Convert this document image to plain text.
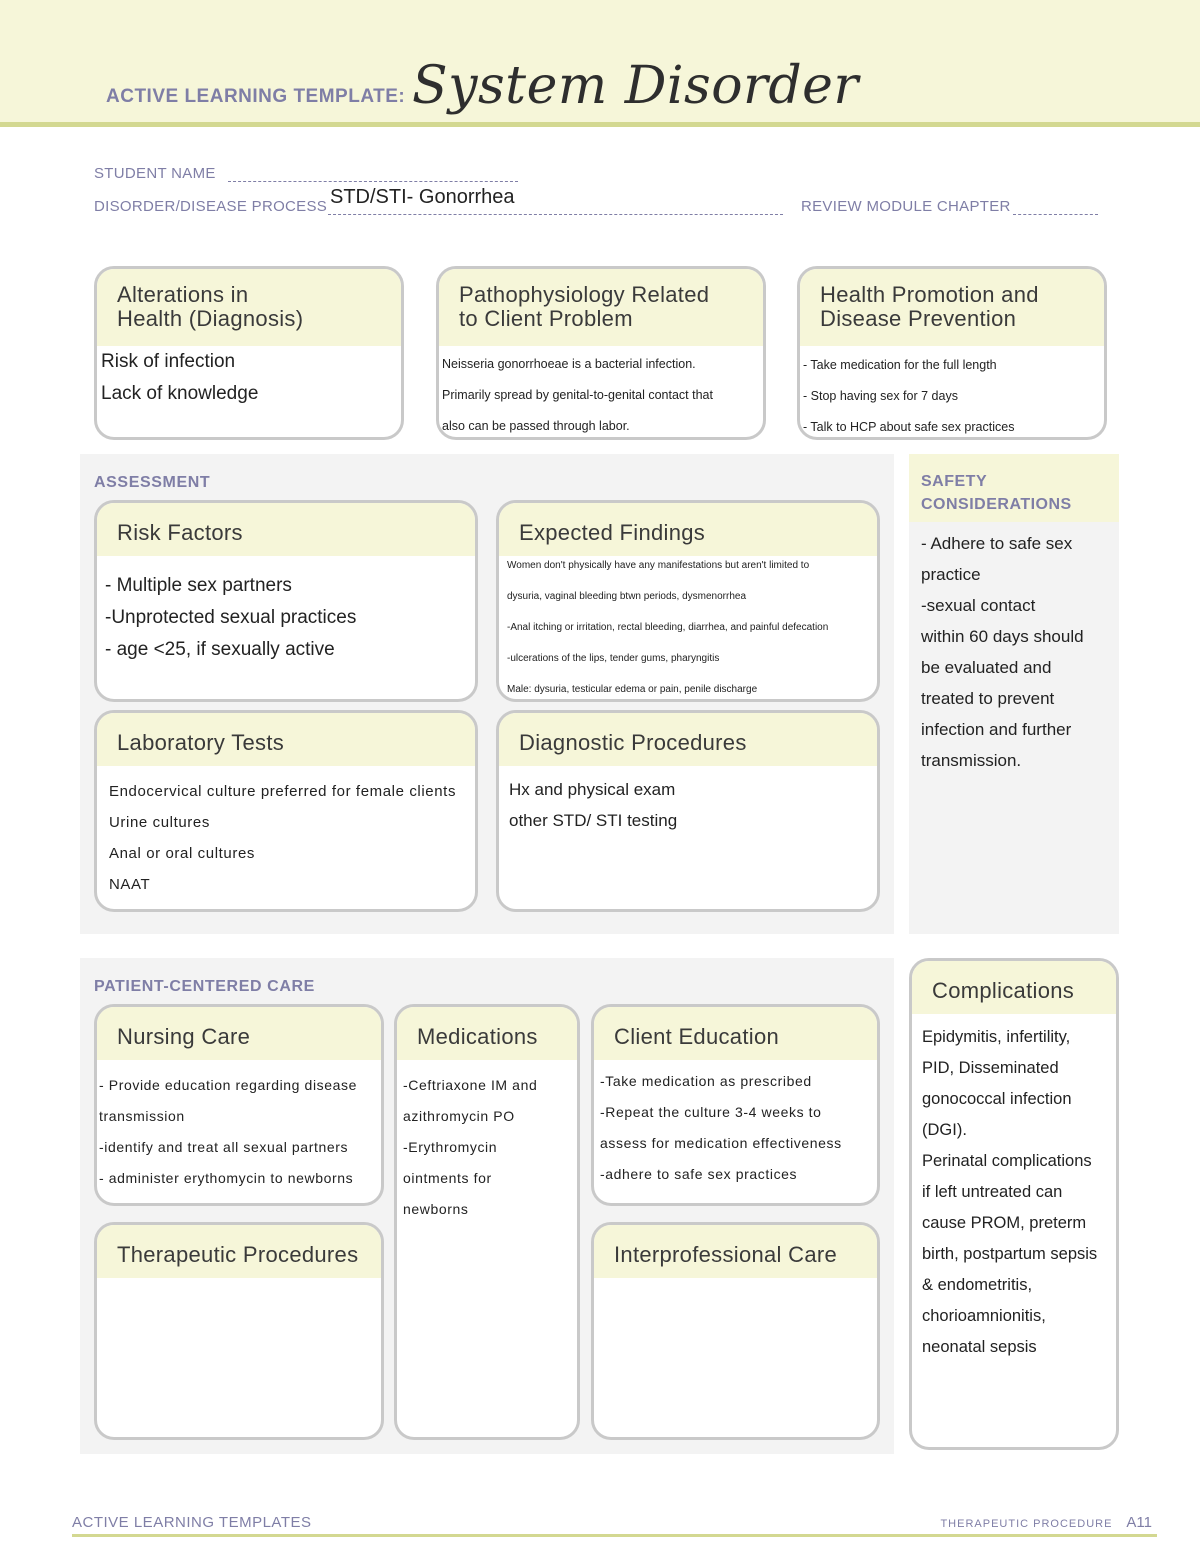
ACTIVE LEARNING TEMPLATE: System Disorder
STUDENT NAME
DISORDER/DISEASE PROCESS STD/STI- Gonorrhea	REVIEW MODULE CHAPTER
Alterations in
Health (Diagnosis)
Risk of infection
Lack of knowledge
Pathophysiology Related
to Client Problem
Neisseria gonorrhoeae is a bacterial infection.
Primarily spread by genital-to-genital contact that
also can be passed through labor.
Health Promotion and
Disease Prevention
- Take medication for the full length
- Stop having sex for 7 days
- Talk to HCP about safe sex practices
ASSESSMENT
Risk Factors
- Multiple sex partners
-Unprotected sexual practices
- age <25, if sexually active
Expected Findings
Women don't physically have any manifestations but aren't limited to
dysuria, vaginal bleeding btwn periods, dysmenorrhea
-Anal itching or irritation, rectal bleeding, diarrhea, and painful defecation
-ulcerations of the lips, tender gums, pharyngitis
Male: dysuria, testicular edema or pain, penile discharge
Laboratory Tests
Endocervical culture preferred for female clients
Urine cultures
Anal or oral cultures
NAAT
Diagnostic Procedures
Hx and physical exam
other STD/ STI testing
SAFETY
CONSIDERATIONS
- Adhere to safe sex
practice
-sexual contact
within 60 days should
be evaluated and
treated to prevent
infection and further
transmission.
PATIENT-CENTERED CARE
Nursing Care
- Provide education regarding disease
transmission
-identify and treat all sexual partners
- administer erythomycin to newborns
Medications
-Ceftriaxone IM and
azithromycin PO
-Erythromycin
ointments for
newborns
Client Education
-Take medication as prescribed
-Repeat the culture 3-4 weeks to
assess for medication effectiveness
-adhere to safe sex practices
Therapeutic Procedures	Interprofessional Care
Complications
Epidymitis, infertility,
PID, Disseminated
gonococcal infection
(DGI).
Perinatal complications
if left untreated can
cause PROM, preterm
birth, postpartum sepsis
& endometritis,
chorioamnionitis,
neonatal sepsis
ACTIVE LEARNING TEMPLATES	THERAPEUTIC PROCEDURE A11
